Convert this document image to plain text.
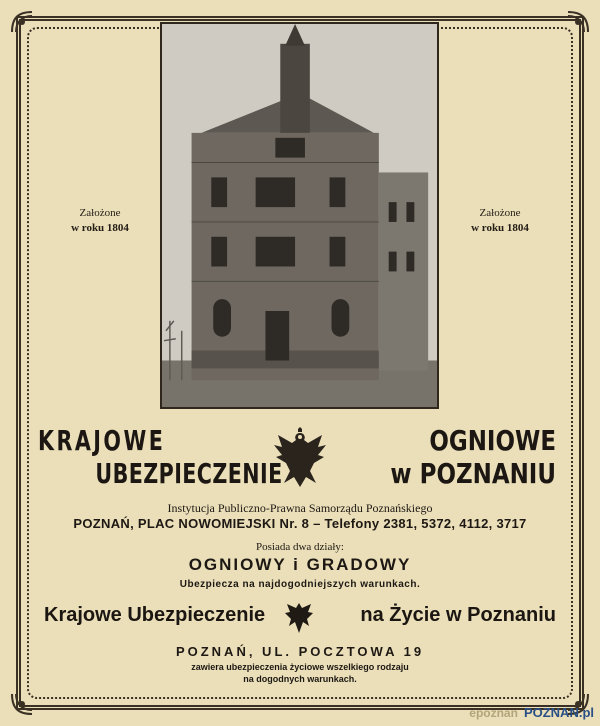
Założone
w roku 1804
Założone
w roku 1804
KRAJOWE
UBEZPIECZENIE
OGNIOWE
w POZNANIU
Instytucja Publiczno-Prawna Samorządu Poznańskiego
POZNAŃ, PLAC NOWOMIEJSKI Nr. 8 – Telefony 2381, 5372, 4112, 3717
Posiada dwa działy:
OGNIOWY i GRADOWY
Ubezpiecza na najdogodniejszych warunkach.
Krajowe Ubezpieczenie	na Życie w Poznaniu
POZNAŃ, UL. POCZTOWA 19
zawiera ubezpieczenia życiowe wszelkiego rodzaju
na dogodnych warunkach.
epoznan POZNAN.pl
